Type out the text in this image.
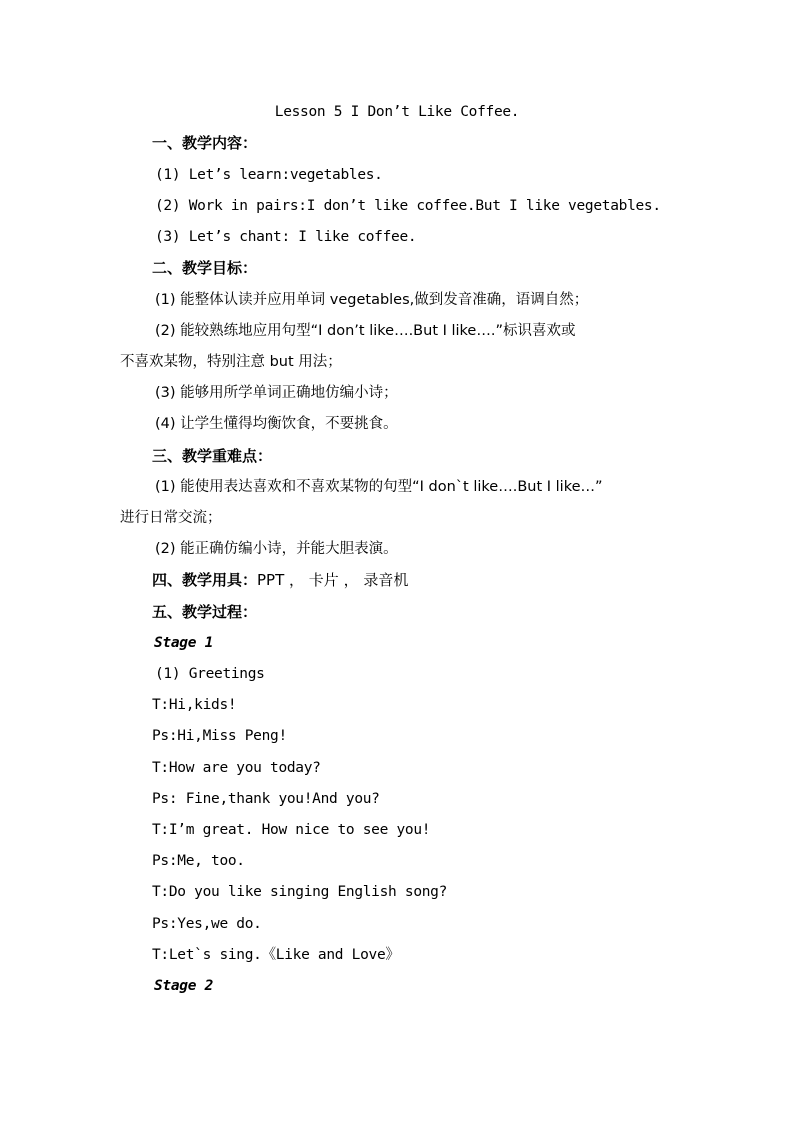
Lesson 5 I Don’t Like Coffee.
一、教学内容：
(1) Let’s learn:vegetables.
(2) Work in pairs:I don’t like coffee.But I like vegetables.
(3) Let’s chant: I like coffee.
二、教学目标：
(1) 能整体认读并应用单词 vegetables,做到发音准确，语调自然；
(2) 能较熟练地应用句型“I don’t like….But I like….”标识喜欢或
不喜欢某物，特别注意 but 用法；
(3) 能够用所学单词正确地仿编小诗；
(4) 让学生懂得均衡饮食，不要挑食。
三、教学重难点：
(1) 能使用表达喜欢和不喜欢某物的句型“I don`t like….But I like…”
进行日常交流；
(2) 能正确仿编小诗，并能大胆表演。
四、教学用具：PPT ， 卡片 ， 录音机
五、教学过程：
Stage 1
(1) Greetings
T:Hi,kids!
Ps:Hi,Miss Peng!
T:How are you today?
Ps: Fine,thank you!And you?
T:I’m great. How nice to see you!
Ps:Me, too.
T:Do you like singing English song?
Ps:Yes,we do.
T:Let`s sing.《Like and Love》
Stage 2
